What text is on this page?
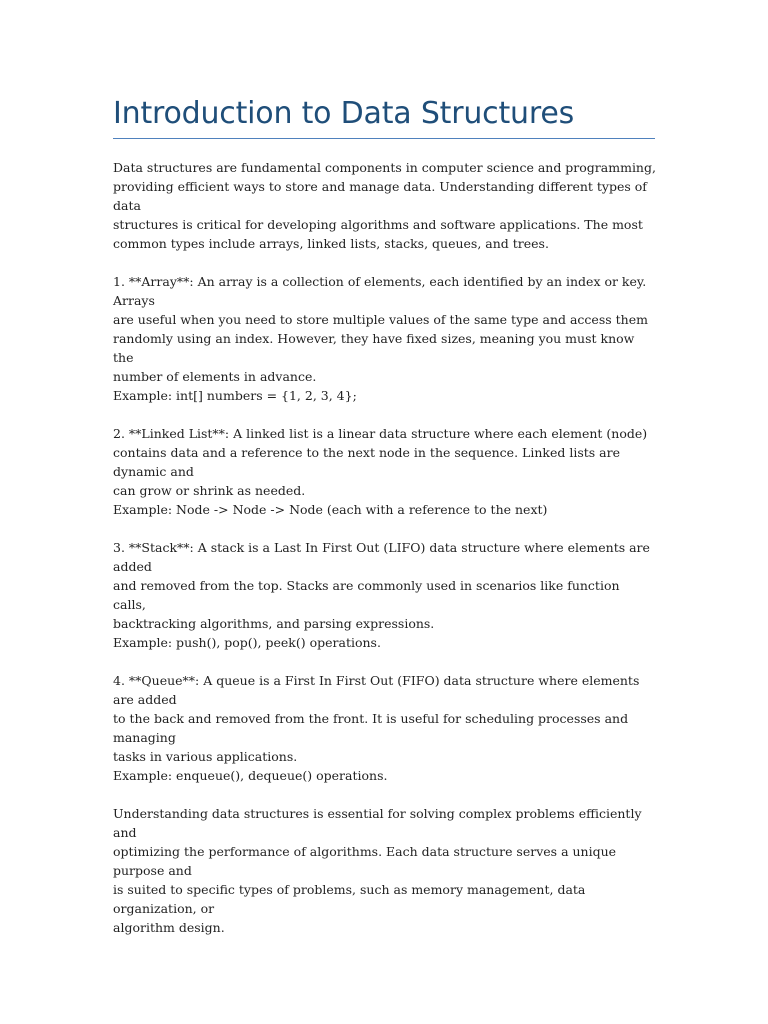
Introduction to Data Structures

Data structures are fundamental components in computer science and programming,
providing efficient ways to store and manage data. Understanding different types of data
structures is critical for developing algorithms and software applications. The most
common types include arrays, linked lists, stacks, queues, and trees.

1. **Array**: An array is a collection of elements, each identified by an index or key. Arrays
are useful when you need to store multiple values of the same type and access them
randomly using an index. However, they have fixed sizes, meaning you must know the
number of elements in advance.
Example: int[] numbers = {1, 2, 3, 4};

2. **Linked List**: A linked list is a linear data structure where each element (node)
contains data and a reference to the next node in the sequence. Linked lists are dynamic and
can grow or shrink as needed.
Example: Node -> Node -> Node (each with a reference to the next)

3. **Stack**: A stack is a Last In First Out (LIFO) data structure where elements are added
and removed from the top. Stacks are commonly used in scenarios like function calls,
backtracking algorithms, and parsing expressions.
Example: push(), pop(), peek() operations.

4. **Queue**: A queue is a First In First Out (FIFO) data structure where elements are added
to the back and removed from the front. It is useful for scheduling processes and managing
tasks in various applications.
Example: enqueue(), dequeue() operations.

Understanding data structures is essential for solving complex problems efficiently and
optimizing the performance of algorithms. Each data structure serves a unique purpose and
is suited to specific types of problems, such as memory management, data organization, or
algorithm design.
